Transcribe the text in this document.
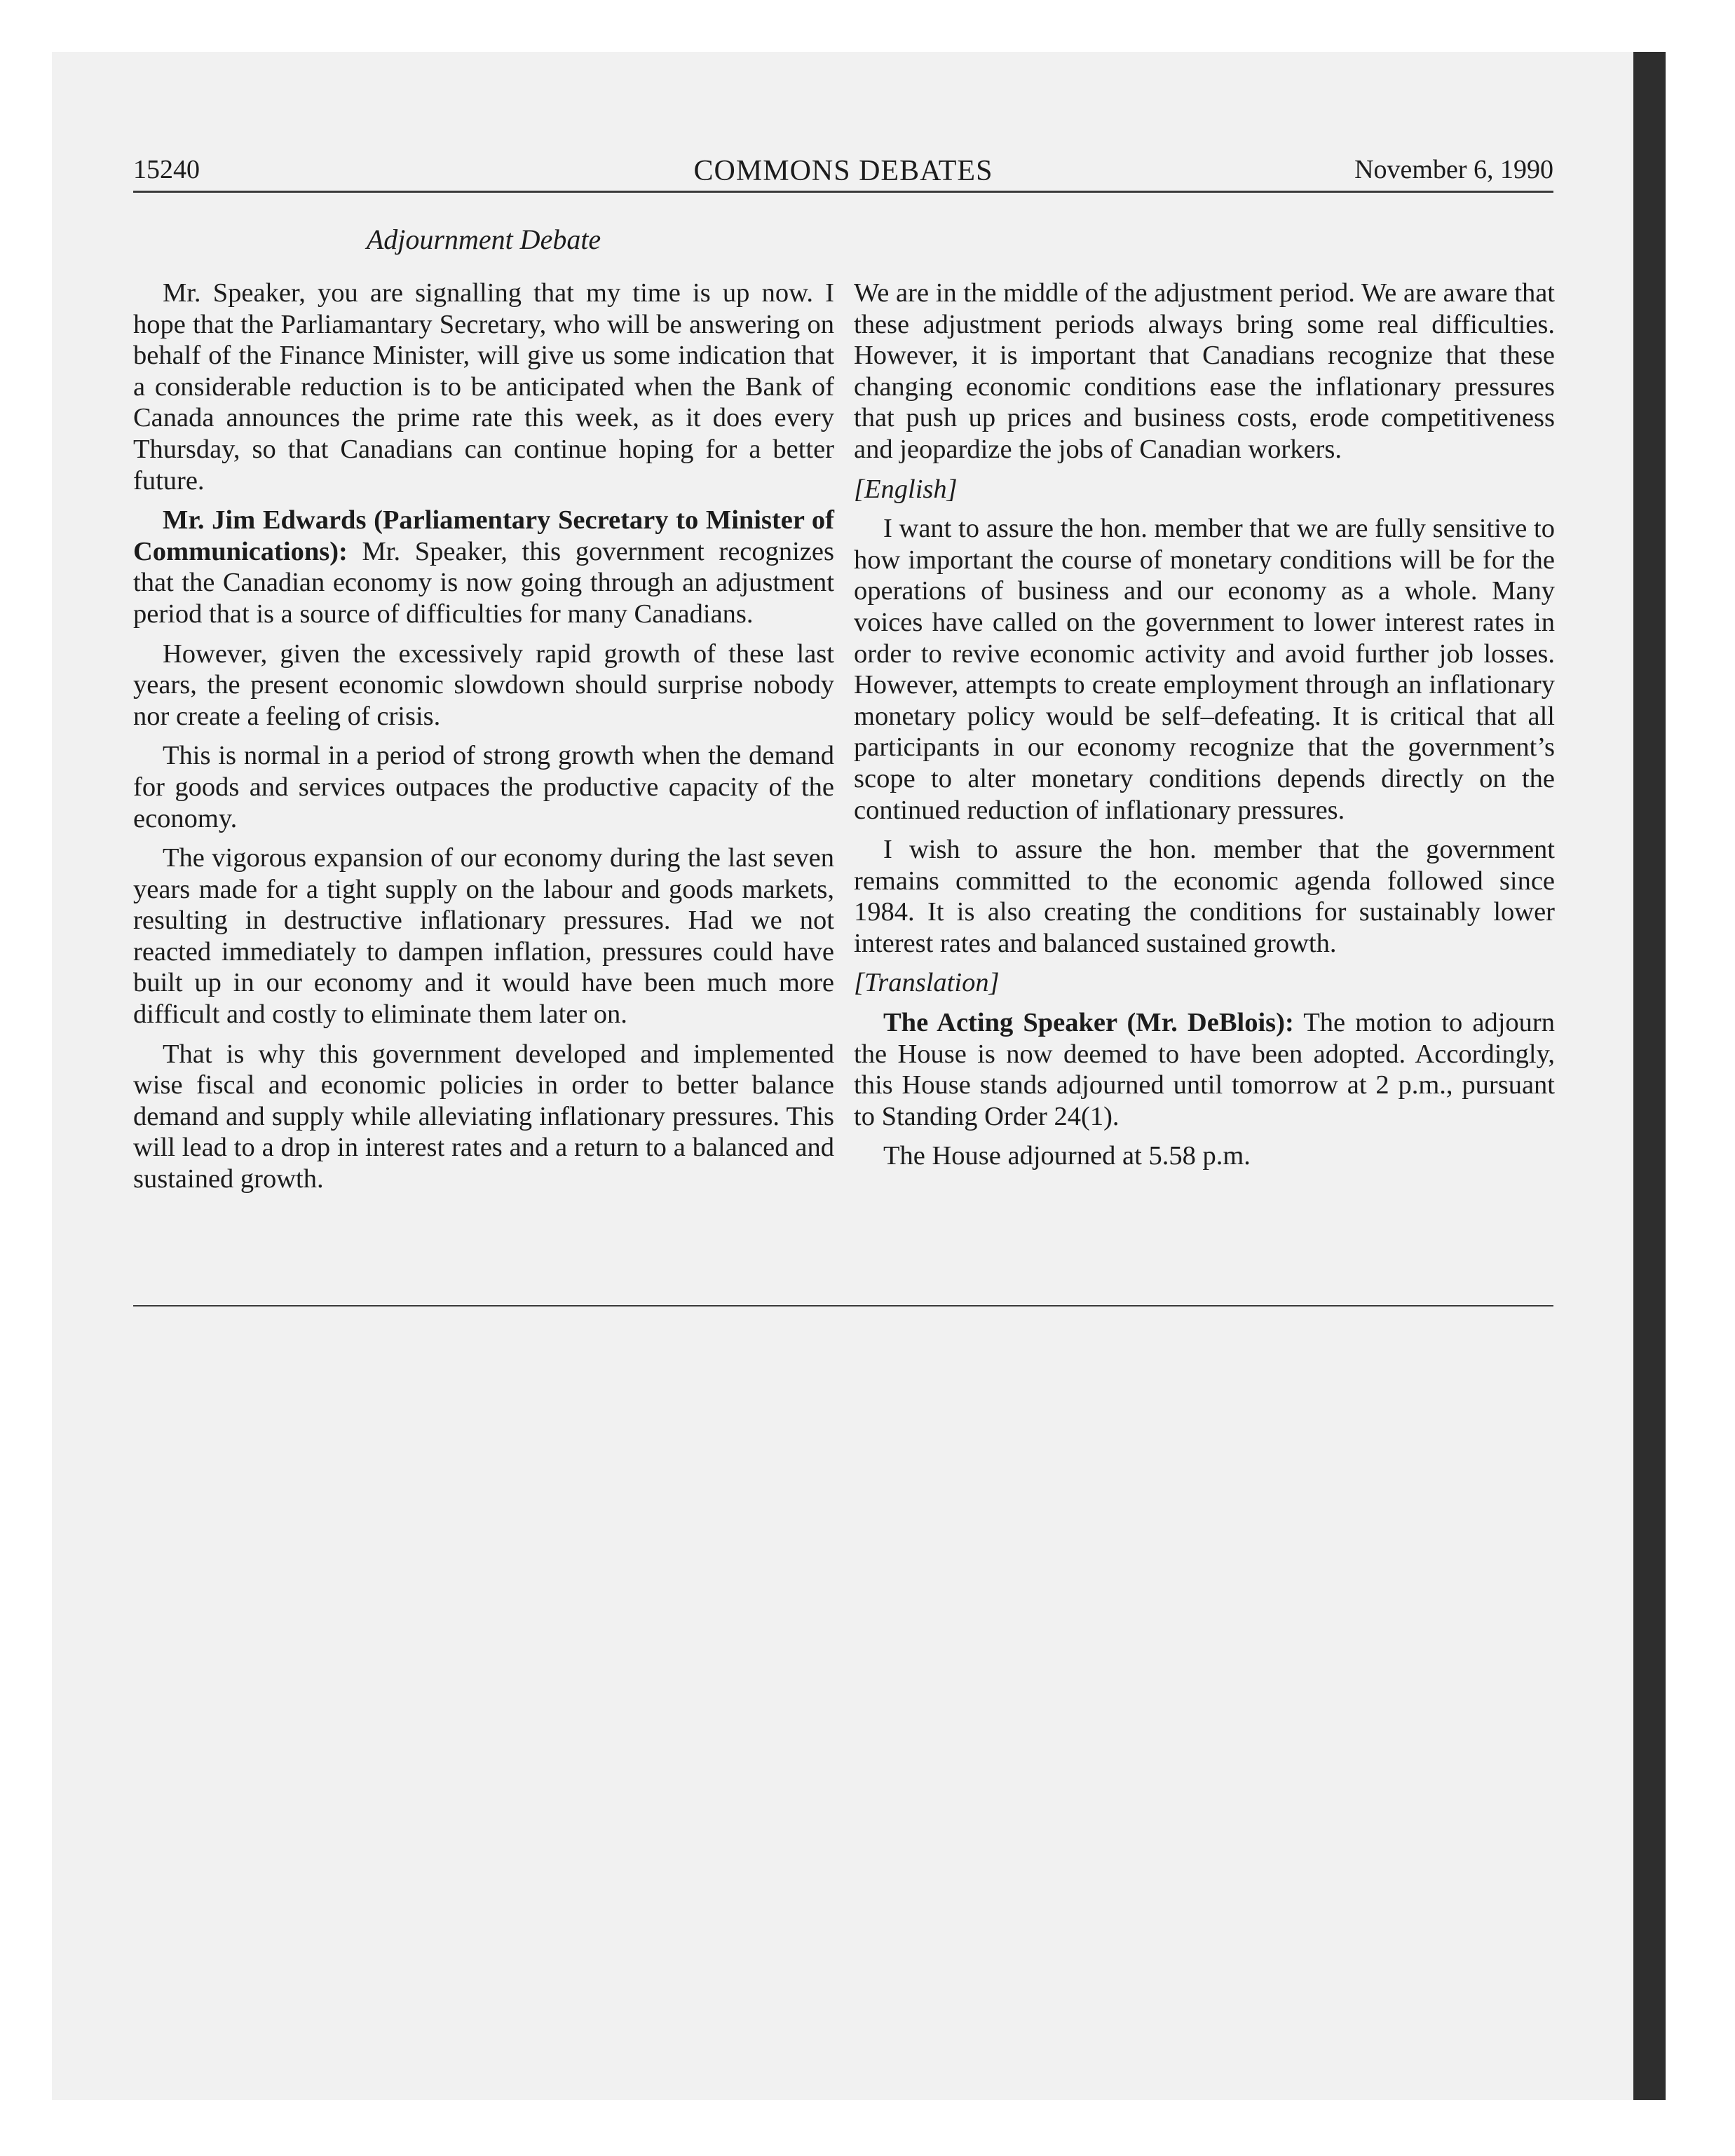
15240	COMMONS DEBATES	November 6, 1990
Adjournment Debate

Mr. Speaker, you are signalling that my time is up now. I hope that the Parliamantary Secretary, who will be answering on behalf of the Finance Minister, will give us some indication that a considerable reduction is to be anticipated when the Bank of Canada announces the prime rate this week, as it does every Thursday, so that Canadians can continue hoping for a better future.

Mr. Jim Edwards (Parliamentary Secretary to Minister of Communications): Mr. Speaker, this government recognizes that the Canadian economy is now going through an adjustment period that is a source of difficulties for many Canadians.

However, given the excessively rapid growth of these last years, the present economic slowdown should surprise nobody nor create a feeling of crisis.

This is normal in a period of strong growth when the demand for goods and services outpaces the productive capacity of the economy.

The vigorous expansion of our economy during the last seven years made for a tight supply on the labour and goods markets, resulting in destructive inflationary pressures. Had we not reacted immediately to dampen inflation, pressures could have built up in our economy and it would have been much more difficult and costly to eliminate them later on.

That is why this government developed and implemented wise fiscal and economic policies in order to better balance demand and supply while alleviating inflationary pressures. This will lead to a drop in interest rates and a return to a balanced and sustained growth.

We are in the middle of the adjustment period. We are aware that these adjustment periods always bring some real difficulties. However, it is important that Canadians recognize that these changing economic conditions ease the inflationary pressures that push up prices and business costs, erode competitiveness and jeopardize the jobs of Canadian workers.

[English]

I want to assure the hon. member that we are fully sensitive to how important the course of monetary conditions will be for the operations of business and our economy as a whole. Many voices have called on the government to lower interest rates in order to revive economic activity and avoid further job losses. However, attempts to create employment through an inflationary monetary policy would be self–defeating. It is critical that all participants in our economy recognize that the government’s scope to alter monetary conditions depends directly on the continued reduction of inflationary pressures.

I wish to assure the hon. member that the government remains committed to the economic agenda followed since 1984. It is also creating the conditions for sustainably lower interest rates and balanced sustained growth.

[Translation]

The Acting Speaker (Mr. DeBlois): The motion to adjourn the House is now deemed to have been adopted. Accordingly, this House stands adjourned until tomorrow at 2 p.m., pursuant to Standing Order 24(1).

The House adjourned at 5.58 p.m.
